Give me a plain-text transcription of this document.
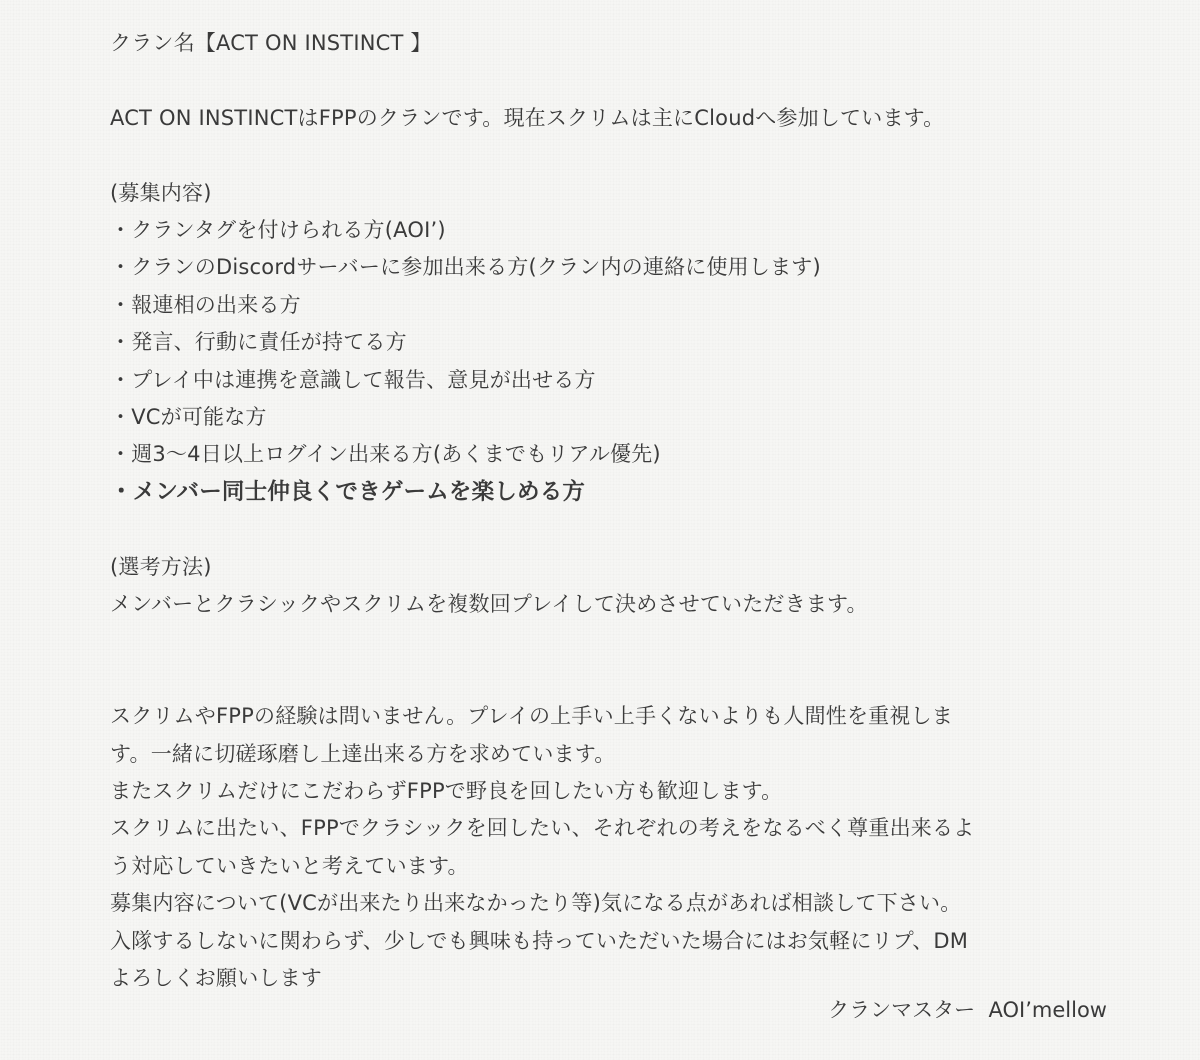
クラン名【ACT ON INSTINCT 】
ACT ON INSTINCTはFPPのクランです。現在スクリムは主にCloudへ参加しています。
(募集内容)
・クランタグを付けられる方(AOI’)
・クランのDiscordサーバーに参加出来る方(クラン内の連絡に使用します)
・報連相の出来る方
・発言、行動に責任が持てる方
・プレイ中は連携を意識して報告、意見が出せる方
・VCが可能な方
・週3〜4日以上ログイン出来る方(あくまでもリアル優先)
・メンバー同士仲良くできゲームを楽しめる方
(選考方法)
メンバーとクラシックやスクリムを複数回プレイして決めさせていただきます。
スクリムやFPPの経験は問いません。プレイの上手い上手くないよりも人間性を重視しま
す。一緒に切磋琢磨し上達出来る方を求めています。
またスクリムだけにこだわらずFPPで野良を回したい方も歓迎します。
スクリムに出たい、FPPでクラシックを回したい、それぞれの考えをなるべく尊重出来るよ
う対応していきたいと考えています。
募集内容について(VCが出来たり出来なかったり等)気になる点があれば相談して下さい。
入隊するしないに関わらず、少しでも興味も持っていただいた場合にはお気軽にリプ、DM
よろしくお願いします
クランマスター  AOI’mellow
